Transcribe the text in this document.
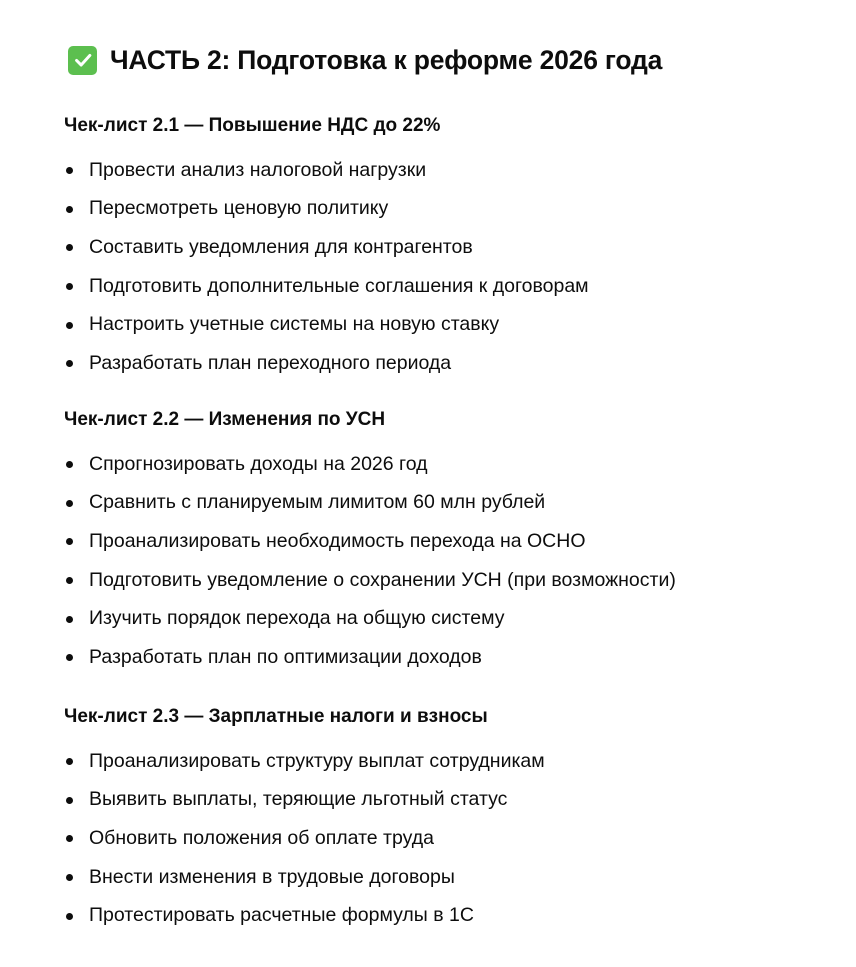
ЧАСТЬ 2: Подготовка к реформе 2026 года
Чек-лист 2.1 — Повышение НДС до 22%
Провести анализ налоговой нагрузки
Пересмотреть ценовую политику
Составить уведомления для контрагентов
Подготовить дополнительные соглашения к договорам
Настроить учетные системы на новую ставку
Разработать план переходного периода
Чек-лист 2.2 — Изменения по УСН
Спрогнозировать доходы на 2026 год
Сравнить с планируемым лимитом 60 млн рублей
Проанализировать необходимость перехода на ОСНО
Подготовить уведомление о сохранении УСН (при возможности)
Изучить порядок перехода на общую систему
Разработать план по оптимизации доходов
Чек-лист 2.3 — Зарплатные налоги и взносы
Проанализировать структуру выплат сотрудникам
Выявить выплаты, теряющие льготный статус
Обновить положения об оплате труда
Внести изменения в трудовые договоры
Протестировать расчетные формулы в 1С
